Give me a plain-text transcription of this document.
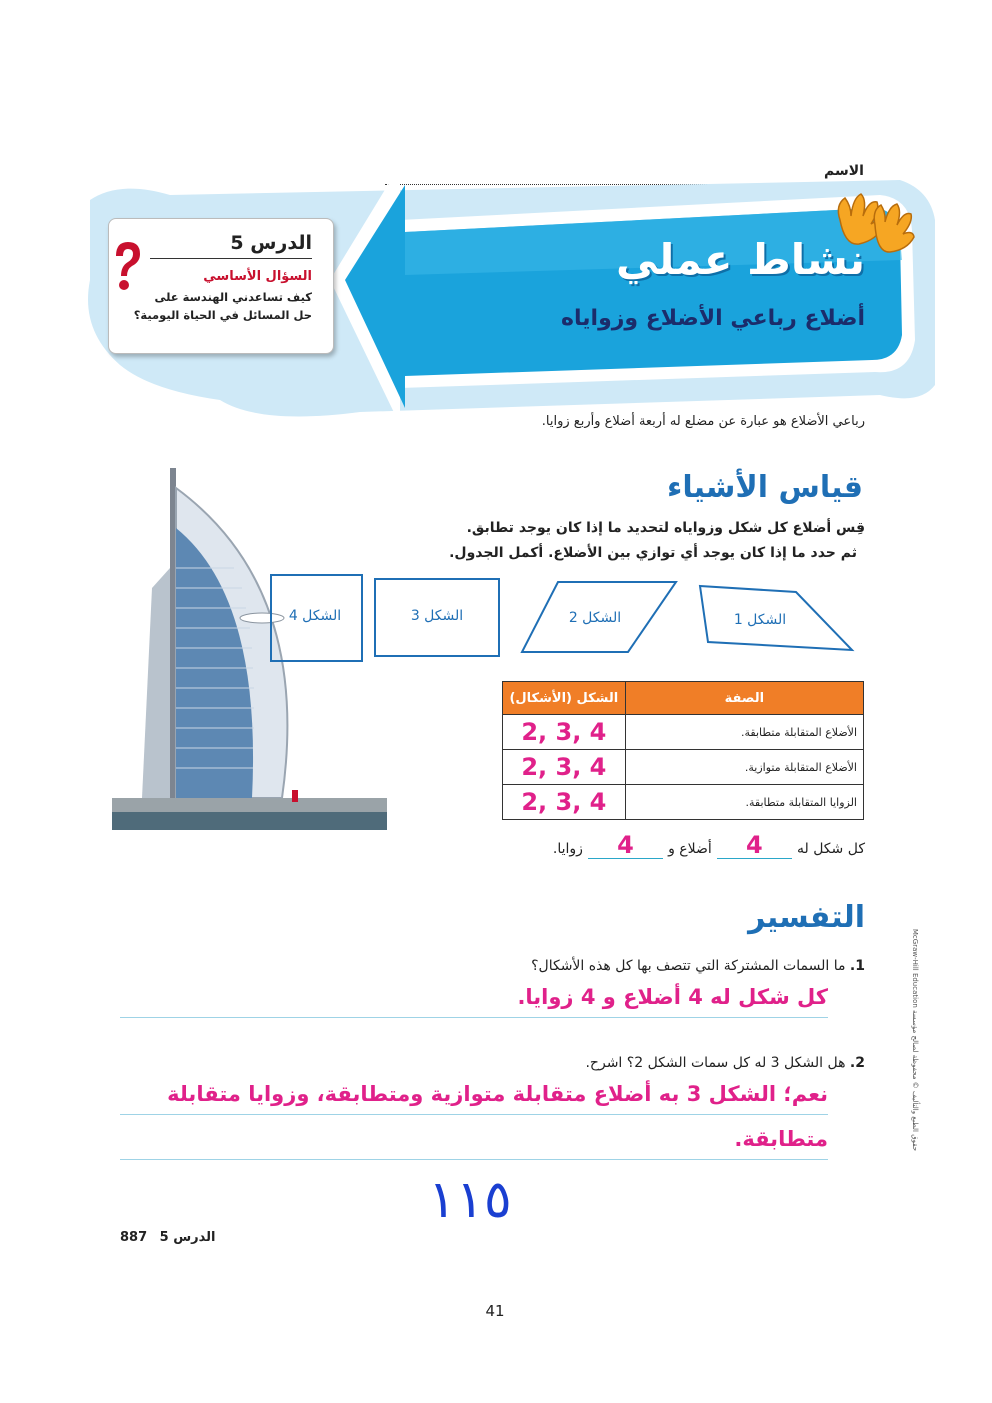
الاسم
نشاط عملي
أضلاع رباعي الأضلاع وزواياه
الدرس 5
السؤال الأساسي
كيف تساعدني الهندسة على
حل المسائل في الحياة اليومية؟
رباعي الأضلاع هو عبارة عن مضلع له أربعة أضلاع وأربع زوايا.
قياس الأشياء
قِس أضلاع كل شكل وزواياه لتحديد ما إذا كان يوجد تطابق.
ثم حدد ما إذا كان يوجد أي توازي بين الأضلاع. أكمل الجدول.
الشكل 1
الشكل 2
الشكل 3
الشكل 4
الصفة	الشكل (الأشكال)
الأضلاع المتقابلة متطابقة.	2, 3, 4
الأضلاع المتقابلة متوازية.	2, 3, 4
الزوايا المتقابلة متطابقة.	2, 3, 4
كل شكل له 4 أضلاع و 4 زوايا.
التفسير
1. ما السمات المشتركة التي تتصف بها كل هذه الأشكال؟
كل شكل له 4 أضلاع و 4 زوايا.
2. هل الشكل 3 له كل سمات الشكل 2؟ اشرح.
نعم؛ الشكل 3 به أضلاع متقابلة متوازية ومتطابقة، وزوايا متقابلة
متطابقة.
١١٥
887 الدرس 5
41
حقوق الطبع والتأليف © محفوظة لصالح مؤسسة McGraw-Hill Education
